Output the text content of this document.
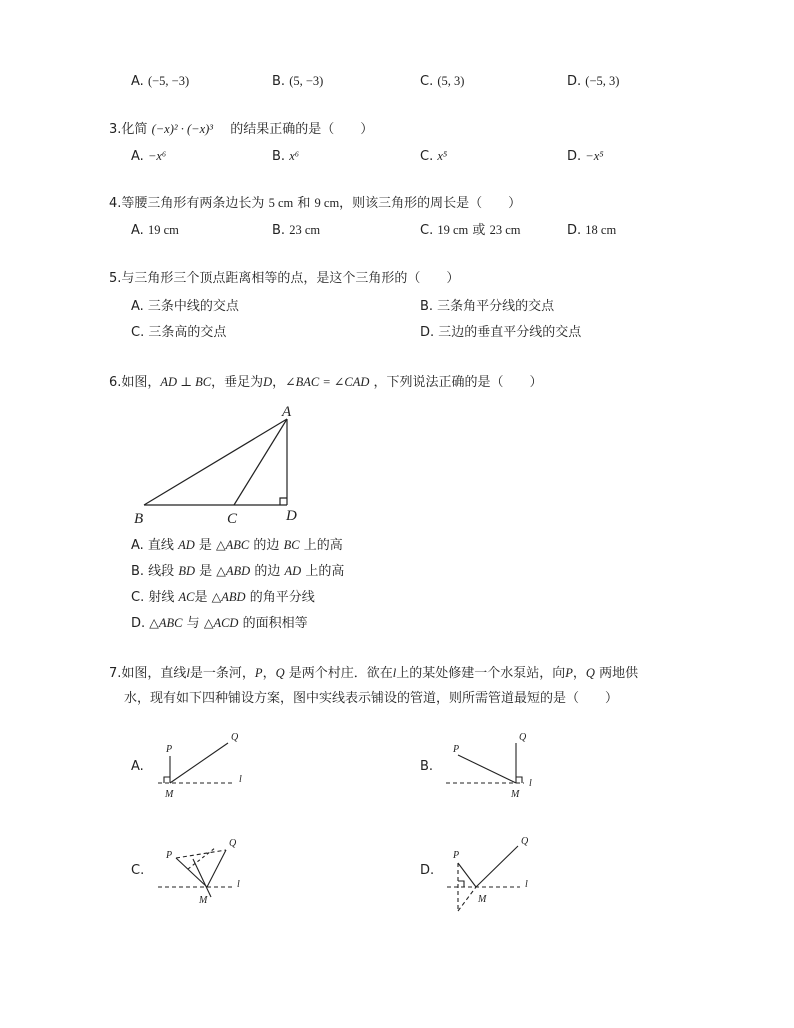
A. (−5, −3)	B. (5, −3)	C. (5, 3)	D. (−5, 3)
3.化简 (−x)² · (−x)³ 　 的结果正确的是（　　）
A. −x⁶	B. x⁶	C. x⁵	D. −x⁵
4.等腰三角形有两条边长为 5 cm 和 9 cm，则该三角形的周长是（　　）
A. 19 cm	B. 23 cm	C. 19 cm 或 23 cm	D. 18 cm
5.与三角形三个顶点距离相等的点，是这个三角形的（　　）
A. 三条中线的交点	B. 三条角平分线的交点
C. 三条高的交点	D. 三边的垂直平分线的交点
6.如图，AD ⊥ BC，垂足为D，∠BAC = ∠CAD ，下列说法正确的是（　　）
A
B	C	D
A. 直线 AD 是 △ABC 的边 BC 上的高
B. 线段 BD 是 △ABD 的边 AD 上的高
C. 射线 AC是 △ABD 的角平分线
D. △ABC 与 △ACD 的面积相等
7.如图，直线l是一条河，P，Q 是两个村庄．欲在l上的某处修建一个水泵站，向P，Q 两地供
水，现有如下四种铺设方案，图中实线表示铺设的管道，则所需管道最短的是（　　）
A.
P
Q
M
l
B.
P
Q
M
l
C.
P
Q
M
l
D.
P
Q
M
l
